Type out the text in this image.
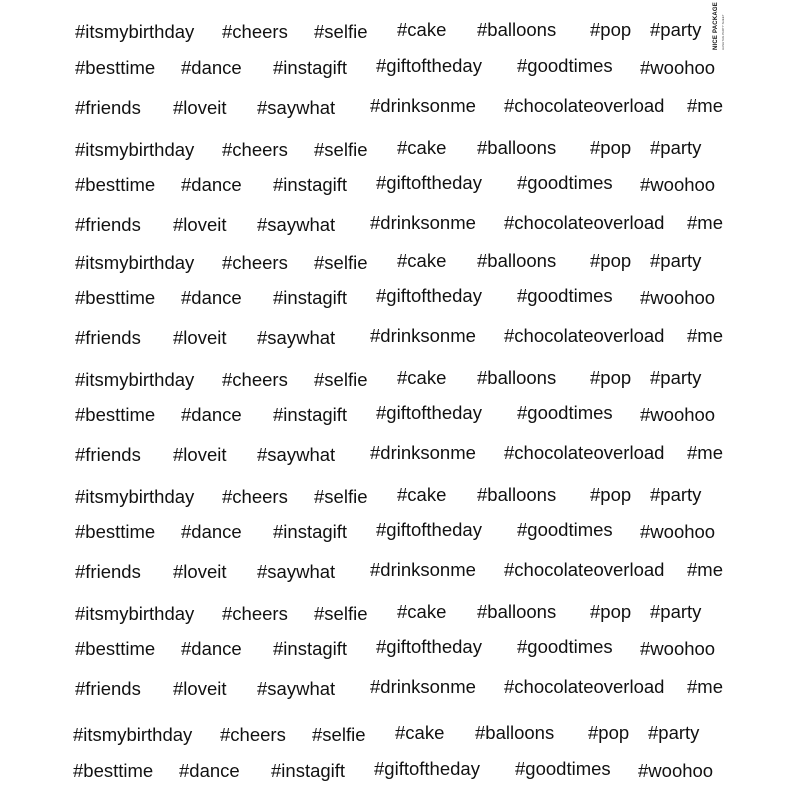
#itsmybirthday #cheers #selfie #cake #balloons #pop #party
#besttime #dance #instagift #giftoftheday #goodtimes #woohoo
#friends #loveit #saywhat #drinksonme #chocolateoverload #me
#itsmybirthday #cheers #selfie #cake #balloons #pop #party
#besttime #dance #instagift #giftoftheday #goodtimes #woohoo
#friends #loveit #saywhat #drinksonme #chocolateoverload #me
#itsmybirthday #cheers #selfie #cake #balloons #pop #party
#besttime #dance #instagift #giftoftheday #goodtimes #woohoo
#friends #loveit #saywhat #drinksonme #chocolateoverload #me
#itsmybirthday #cheers #selfie #cake #balloons #pop #party
#besttime #dance #instagift #giftoftheday #goodtimes #woohoo
#friends #loveit #saywhat #drinksonme #chocolateoverload #me
#itsmybirthday #cheers #selfie #cake #balloons #pop #party
#besttime #dance #instagift #giftoftheday #goodtimes #woohoo
#friends #loveit #saywhat #drinksonme #chocolateoverload #me
#itsmybirthday #cheers #selfie #cake #balloons #pop #party
#besttime #dance #instagift #giftoftheday #goodtimes #woohoo
#friends #loveit #saywhat #drinksonme #chocolateoverload #me
#itsmybirthday #cheers #selfie #cake #balloons #pop #party
#besttime #dance #instagift #giftoftheday #goodtimes #woohoo
NICE PACKAGE HASHTAG PARTY SHEET
